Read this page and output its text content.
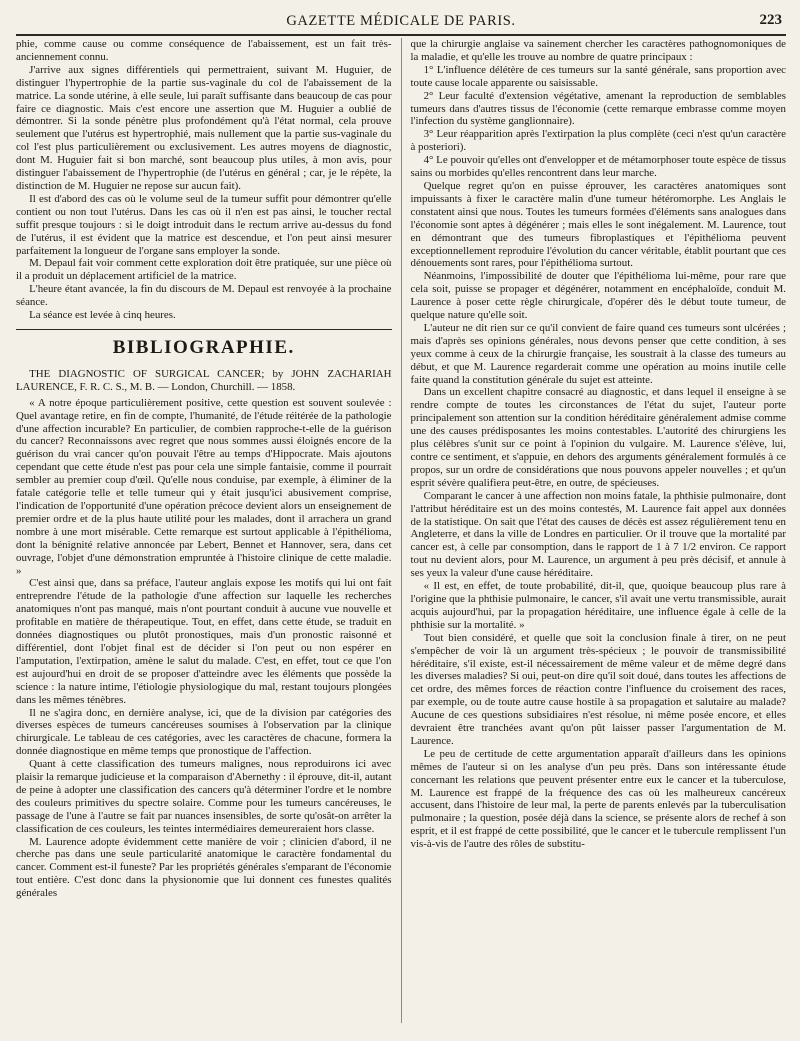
GAZETTE MÉDICALE DE PARIS.	223

phie, comme cause ou comme conséquence de l'abaissement, est un fait très-anciennement connu.

J'arrive aux signes différentiels qui permettraient, suivant M. Huguier, de distinguer l'hypertrophie de la partie sus-vaginale du col de l'abaissement de la matrice. La sonde utérine, à elle seule, lui paraît suffisante dans beaucoup de cas pour faire ce diagnostic. Mais c'est encore une assertion que M. Huguier a oublié de démontrer. Si la sonde pénètre plus profondément qu'à l'état normal, cela prouve seulement que l'utérus est hypertrophié, mais nullement que la partie sus-vaginale du col l'est plus particulièrement ou exclusivement. Les autres moyens de diagnostic, dont M. Huguier fait si bon marché, sont beaucoup plus utiles, à mon avis, pour distinguer l'abaissement de l'hypertrophie (de l'utérus en général ; car, je le répète, la distinction de M. Huguier ne repose sur aucun fait).

Il est d'abord des cas où le volume seul de la tumeur suffit pour démontrer qu'elle contient ou non tout l'utérus. Dans les cas où il n'en est pas ainsi, le toucher rectal suffit presque toujours : si le doigt introduit dans le rectum arrive au-dessus du fond de l'utérus, il est évident que la matrice est descendue, et l'on peut ainsi mesurer parfaitement la longueur de l'organe sans employer la sonde.

M. Depaul fait voir comment cette exploration doit être pratiquée, sur une pièce où il a produit un déplacement artificiel de la matrice.

L'heure étant avancée, la fin du discours de M. Depaul est renvoyée à la prochaine séance.

La séance est levée à cinq heures.

BIBLIOGRAPHIE.

THE DIAGNOSTIC OF SURGICAL CANCER; by JOHN ZACHARIAH LAURENCE, F. R. C. S., M. B. — London, Churchill. — 1858.

« A notre époque particulièrement positive, cette question est souvent soulevée : Quel avantage retire, en fin de compte, l'humanité, de l'étude réitérée de la pathologie d'une affection incurable? En particulier, de combien rapproche-t-elle de la guérison du cancer? Reconnaissons avec regret que nous sommes aussi éloignés encore de la guérison du vrai cancer qu'on pouvait l'être au temps d'Hippocrate. Mais ajoutons cependant que cette étude n'est pas pour cela une simple fantaisie, comme il pourrait sembler au premier coup d'œil. Qu'elle nous conduise, par exemple, à éliminer de la fatale catégorie telle et telle tumeur qui y était jusqu'ici abusivement comprise, l'indication de l'opportunité d'une opération précoce devient alors un enseignement de premier ordre et de la plus haute utilité pour les malades, dont il arrachera un grand nombre à une mort misérable. Cette remarque est surtout applicable à l'épithélioma, dont la bénignité relative annoncée par Lebert, Bennet et Hannover, sera, dans cet ouvrage, l'objet d'une démonstration empruntée à l'histoire clinique de cette maladie. »

C'est ainsi que, dans sa préface, l'auteur anglais expose les motifs qui lui ont fait entreprendre l'étude de la pathologie d'une affection sur laquelle les recherches anatomiques n'ont pas manqué, mais n'ont pourtant conduit à aucune vue nouvelle et profitable en matière de thérapeutique. Tout, en effet, dans cette étude, se traduit en données diagnostiques ou plutôt pronostiques, mais d'un pronostic raisonné et différentiel, dont l'objet final est de décider si l'on peut ou non espérer en l'amputation, l'extirpation, amène le salut du malade. C'est, en effet, tout ce que l'on est aujourd'hui en droit de se proposer d'atteindre avec les éléments que possède la science : la nature intime, l'étiologie physiologique du mal, restant toujours plongées dans les mêmes ténèbres.

Il ne s'agira donc, en dernière analyse, ici, que de la division par catégories des diverses espèces de tumeurs cancéreuses soumises à l'observation par la clinique chirurgicale. Le tableau de ces catégories, avec les caractères de chacune, formera la donnée diagnostique en même temps que pronostique de l'affection.

Quant à cette classification des tumeurs malignes, nous reproduirons ici avec plaisir la remarque judicieuse et la comparaison d'Abernethy : il éprouve, dit-il, autant de peine à adopter une classification des cancers qu'à déterminer l'ordre et le nombre des couleurs primitives du spectre solaire. Comme pour les tumeurs cancéreuses, le passage de l'une à l'autre se fait par nuances insensibles, de sorte qu'osât-on arrêter la classification de ces couleurs, les teintes intermédiaires demeureraient hors classe.

M. Laurence adopte évidemment cette manière de voir ; clinicien d'abord, il ne cherche pas dans une seule particularité anatomique le caractère fondamental du cancer. Comment est-il funeste? Par les propriétés générales s'emparant de l'économie tout entière. C'est donc dans la physionomie que lui donnent ces funestes qualités générales

que la chirurgie anglaise va sainement chercher les caractères pathognomoniques de la maladie, et qu'elle les trouve au nombre de quatre principaux :

1° L'influence délétère de ces tumeurs sur la santé générale, sans proportion avec toute cause locale apparente ou saisissable.

2° Leur faculté d'extension végétative, amenant la reproduction de semblables tumeurs dans d'autres tissus de l'économie (cette remarque embrasse comme moyen l'infection du système ganglionnaire).

3° Leur réapparition après l'extirpation la plus complète (ceci n'est qu'un caractère à posteriori).

4° Le pouvoir qu'elles ont d'envelopper et de métamorphoser toute espèce de tissus sains ou morbides qu'elles rencontrent dans leur marche.

Quelque regret qu'on en puisse éprouver, les caractères anatomiques sont impuissants à fixer le caractère malin d'une tumeur hétéromorphe. Les Anglais le constatent ainsi que nous. Toutes les tumeurs formées d'éléments sans analogues dans l'économie sont aptes à dégénérer ; mais elles le sont inégalement. M. Laurence, tout en démontrant que des tumeurs fibroplastiques et l'épithélioma peuvent exceptionnellement reproduire l'évolution du cancer véritable, établit pourtant que ces dénouements sont rares, pour l'épithélioma surtout.

Néanmoins, l'impossibilité de douter que l'épithélioma lui-même, pour rare que cela soit, puisse se propager et dégénérer, notamment en encéphaloïde, conduit M. Laurence à poser cette règle chirurgicale, d'opérer dès le début toute tumeur, de quelque nature qu'elle soit.

L'auteur ne dit rien sur ce qu'il convient de faire quand ces tumeurs sont ulcérées ; mais d'après ses opinions générales, nous devons penser que cette condition, à ses yeux comme à ceux de la chirurgie française, les soustrait à la classe des tumeurs au début, et que M. Laurence regarderait comme une opération au moins inutile celle faite quand la constitution générale du sujet est atteinte.

Dans un excellent chapitre consacré au diagnostic, et dans lequel il enseigne à se rendre compte de toutes les circonstances de l'état du sujet, l'auteur porte principalement son attention sur la condition héréditaire généralement admise comme une des causes prédisposantes les moins contestables. L'autorité des chirurgiens les plus célèbres s'unit sur ce point à l'opinion du vulgaire. M. Laurence s'élève, lui, contre ce sentiment, et s'appuie, en dehors des arguments généralement formulés à ce propos, sur un ordre de considérations que nous pouvons appeler nouvelles ; et qu'un esprit sévère qualifiera peut-être, en outre, de spécieuses.

Comparant le cancer à une affection non moins fatale, la phthisie pulmonaire, dont l'attribut héréditaire est un des moins contestés, M. Laurence fait appel aux données de la statistique. On sait que l'état des causes de décès est assez régulièrement tenu en Angleterre, et dans la ville de Londres en particulier. Or il trouve que la mortalité par cancer est, à celle par consomption, dans le rapport de 1 à 7 1/2 environ. Ce rapport tout nu devient alors, pour M. Laurence, un argument à peu près décisif, et annule à ses yeux la valeur d'une cause héréditaire.

« Il est, en effet, de toute probabilité, dit-il, que, quoique beaucoup plus rare à l'origine que la phthisie pulmonaire, le cancer, s'il avait une vertu transmissible, aurait acquis aujourd'hui, par la propagation héréditaire, une influence égale à celle de la phthisie sur la mortalité. »

Tout bien considéré, et quelle que soit la conclusion finale à tirer, on ne peut s'empêcher de voir là un argument très-spécieux ; le pouvoir de transmissibilité héréditaire, s'il existe, est-il nécessairement de même valeur et de même degré dans les diverses maladies? Si oui, peut-on dire qu'il soit doué, dans toutes les affections de cet ordre, des mêmes forces de réaction contre l'influence du croisement des races, par exemple, ou de toute autre cause hostile à sa propagation et salutaire au malade? Aucune de ces questions subsidiaires n'est résolue, ni même posée encore, et elles devraient être tranchées avant qu'on pût laisser passer l'argumentation de M. Laurence.

Le peu de certitude de cette argumentation apparaît d'ailleurs dans les opinions mêmes de l'auteur si on les analyse d'un peu près. Dans son intéressante étude concernant les relations que peuvent présenter entre eux le cancer et la tuberculose, M. Laurence est frappé de la fréquence des cas où les malheureux cancéreux accusent, dans l'histoire de leur mal, la perte de parents enlevés par la tuberculisation pulmonaire ; la question, posée déjà dans la science, se présente alors de rechef à son esprit, et il est frappé de cette possibilité, que le cancer et le tubercule remplissent l'un vis-à-vis de l'autre des rôles de substitu-
